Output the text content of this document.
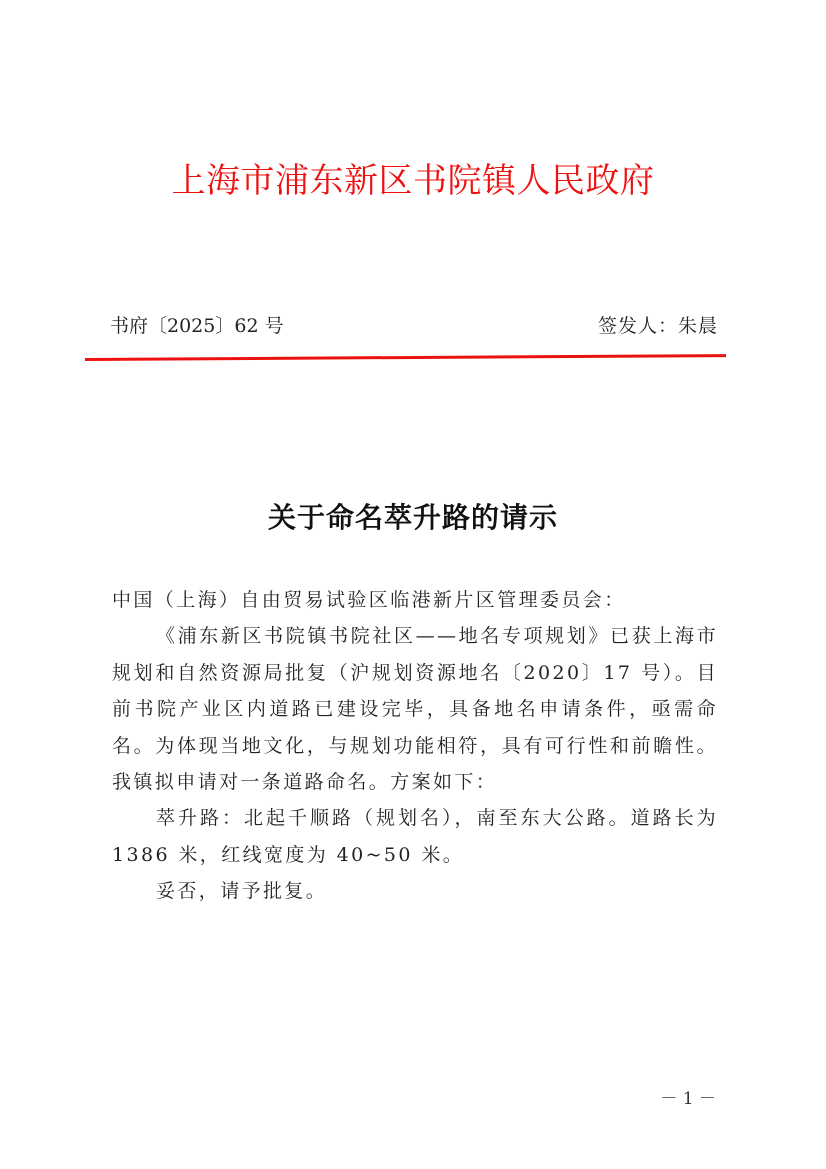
上海市浦东新区书院镇人民政府
书府〔2025〕62 号	签发人：朱晨
关于命名萃升路的请示

中国（上海）自由贸易试验区临港新片区管理委员会：

《浦东新区书院镇书院社区——地名专项规划》已获上海市规划和自然资源局批复（沪规划资源地名〔2020〕17 号）。目前书院产业区内道路已建设完毕，具备地名申请条件，亟需命名。为体现当地文化，与规划功能相符，具有可行性和前瞻性。我镇拟申请对一条道路命名。方案如下：

萃升路：北起千顺路（规划名），南至东大公路。道路长为 1386 米，红线宽度为 40~50 米。

妥否，请予批复。

－ 1 －
